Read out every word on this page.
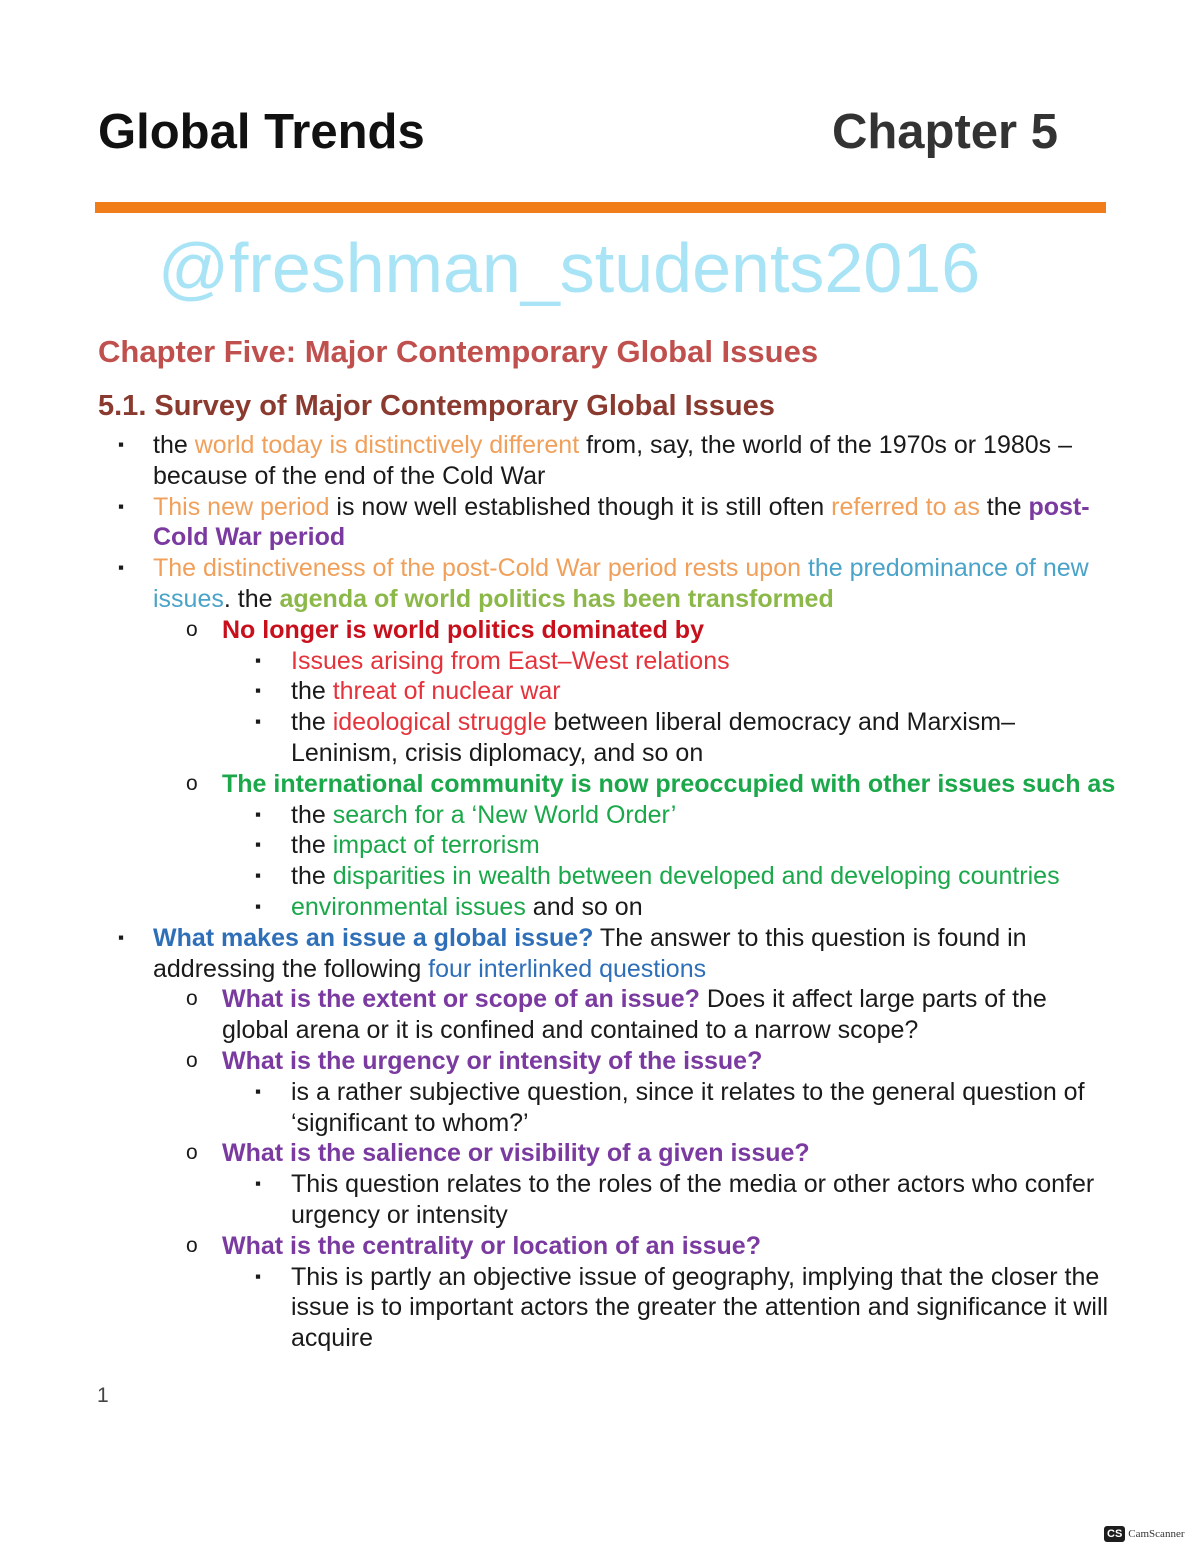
Global Trends	Chapter 5
@freshman_students2016
Chapter Five: Major Contemporary Global Issues
5.1. Survey of Major Contemporary Global Issues
▪ the world today is distinctively different from, say, the world of the 1970s or 1980s – because of the end of the Cold War
▪ This new period is now well established though it is still often referred to as the post-Cold War period
▪ The distinctiveness of the post-Cold War period rests upon the predominance of new issues. the agenda of world politics has been transformed
o No longer is world politics dominated by
▪ Issues arising from East–West relations
▪ the threat of nuclear war
▪ the ideological struggle between liberal democracy and Marxism–Leninism, crisis diplomacy, and so on
o The international community is now preoccupied with other issues such as
▪ the search for a ‘New World Order’
▪ the impact of terrorism
▪ the disparities in wealth between developed and developing countries
▪ environmental issues and so on
▪ What makes an issue a global issue? The answer to this question is found in addressing the following four interlinked questions
o What is the extent or scope of an issue? Does it affect large parts of the global arena or it is confined and contained to a narrow scope?
o What is the urgency or intensity of the issue?
▪ is a rather subjective question, since it relates to the general question of ‘significant to whom?’
o What is the salience or visibility of a given issue?
▪ This question relates to the roles of the media or other actors who confer urgency or intensity
o What is the centrality or location of an issue?
▪ This is partly an objective issue of geography, implying that the closer the issue is to important actors the greater the attention and significance it will acquire
1
CS CamScanner
